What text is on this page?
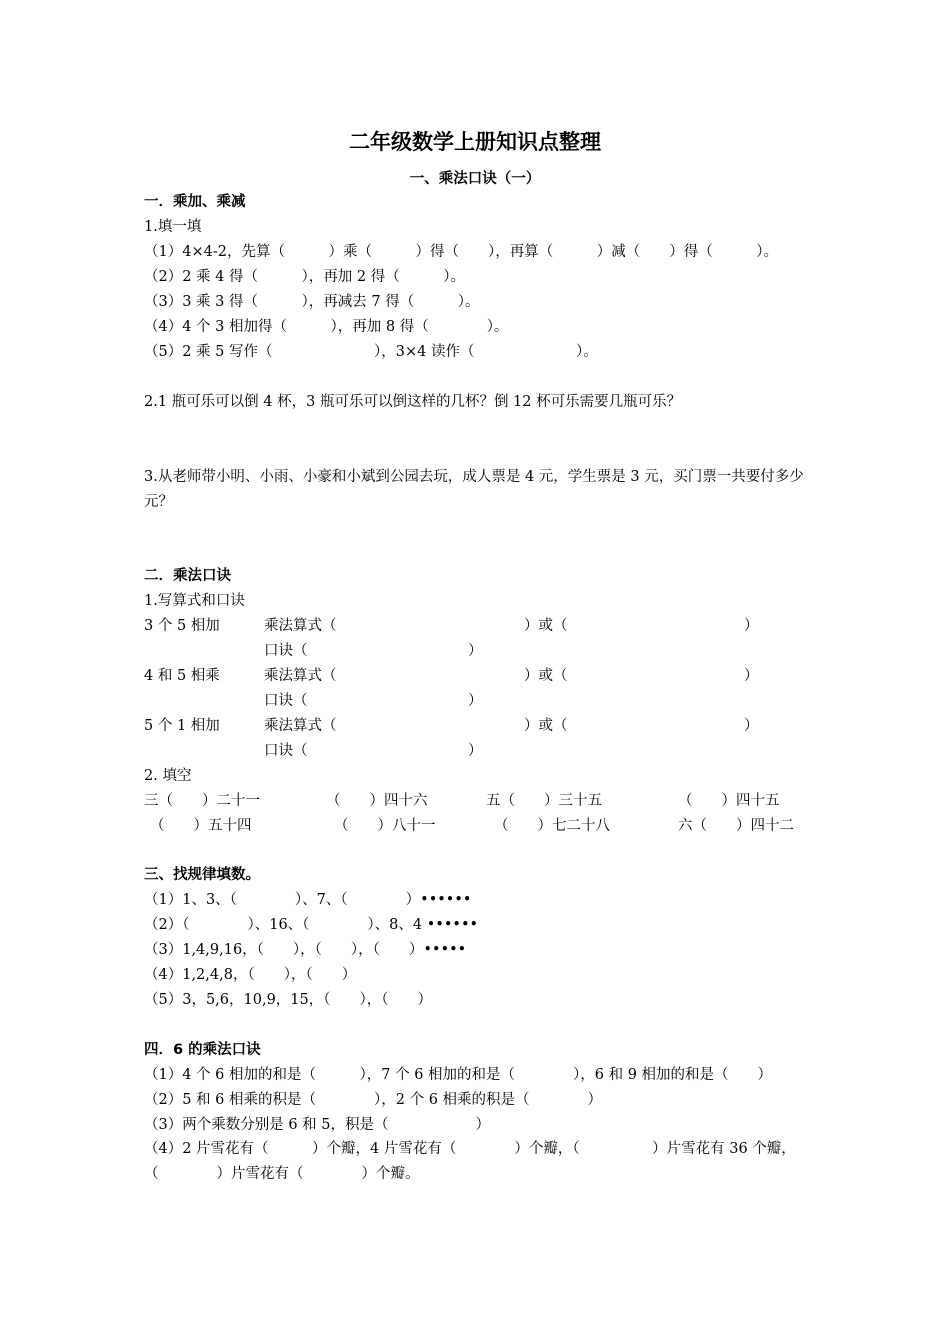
二年级数学上册知识点整理
一、乘法口诀（一）
一．乘加、乘减
1.填一填
（1）4×4-2，先算（　　　）乘（　　　）得（　　），再算（　　　）减（　　）得（　　　）。
（2）2 乘 4 得（　　　），再加 2 得（　　　）。
（3）3 乘 3 得（　　　），再减去 7 得（　　　）。
（4）4 个 3 相加得（　　　），再加 8 得（　　　　）。
（5）2 乘 5 写作（　　　　　　　），3×4 读作（　　　　　　　）。
2.1 瓶可乐可以倒 4 杯，3 瓶可乐可以倒这样的几杯？倒 12 杯可乐需要几瓶可乐？
3.从老师带小明、小雨、小豪和小斌到公园去玩，成人票是 4 元，学生票是 3 元，买门票一共要付多少元？
二．乘法口诀
1.写算式和口诀
3 个 5 相加	乘法算式（	）或（	）
口诀（	）
4 和 5 相乘	乘法算式（	）或（	）
口诀（	）
5 个 1 相加	乘法算式（	）或（	）
口诀（	）
2. 填空
三（　　）二十一	（　　）四十六	五（　　）三十五	（　　）四十五
（　　）五十四	（　　）八十一	（　　）七二十八	六（　　）四十二
三、找规律填数。
（1）1、3、（　　　　）、7、（　　　　）••••••
（2）（　　　　）、16、（　　　　）、8、4 ••••••
（3）1,4,9,16，（　　），（　　），（　　）•••••
（4）1,2,4,8，（　　），（　　）
（5）3，5,6，10,9，15，（　　），（　　）
四．6 的乘法口诀
（1）4 个 6 相加的和是（　　　），7 个 6 相加的和是（　　　　），6 和 9 相加的和是（　　）
（2）5 和 6 相乘的积是（　　　　），2 个 6 相乘的积是（　　　　）
（3）两个乘数分别是 6 和 5，积是（　　　　　　）
（4）2 片雪花有（　　　）个瓣，4 片雪花有（　　　　）个瓣，（　　　　　）片雪花有 36 个瓣，（　　　　）片雪花有（　　　　）个瓣。
